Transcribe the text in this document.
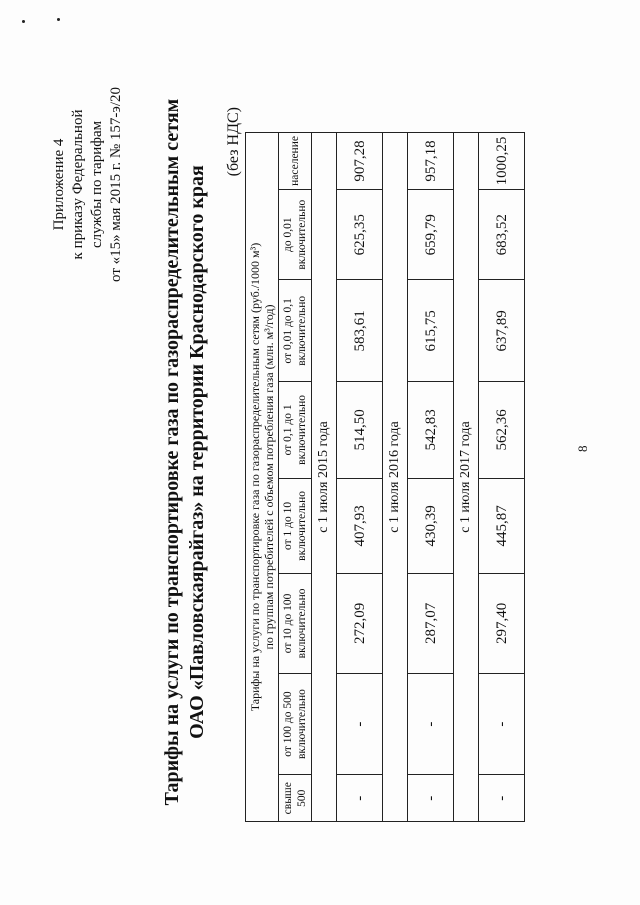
Приложение 4 к приказу Федеральной службы по тарифам от «15» мая 2015 г. № 157-э/20 Тарифы на услуги по транспортировке газа по газораспределительным сетям ОАО «Павловскаярайгаз» на территории Краснодарского края
(без НДС)
Тарифы на услуги по транспортировке газа по газораспределительным сетям (руб./1000 м³) по группам потребителей с объемом потребления газа (млн. м³/год)							

свыше 500	от 100 до 500 включительно	от 10 до 100 включительно	от 1 до 10 включительно	от 0,1 до 1 включительно	от 0,01 до 0,1 включительно	до 0,01 включительно	население
с 1 июля 2015 года							
-	-	272,09	407,93	514,50	583,61	625,35	907,28
с 1 июля 2016 года							
-	-	287,07	430,39	542,83	615,75	659,79	957,18
с 1 июля 2017 года							
-	-	297,40	445,87	562,36	637,89	683,52	1000,25
8
